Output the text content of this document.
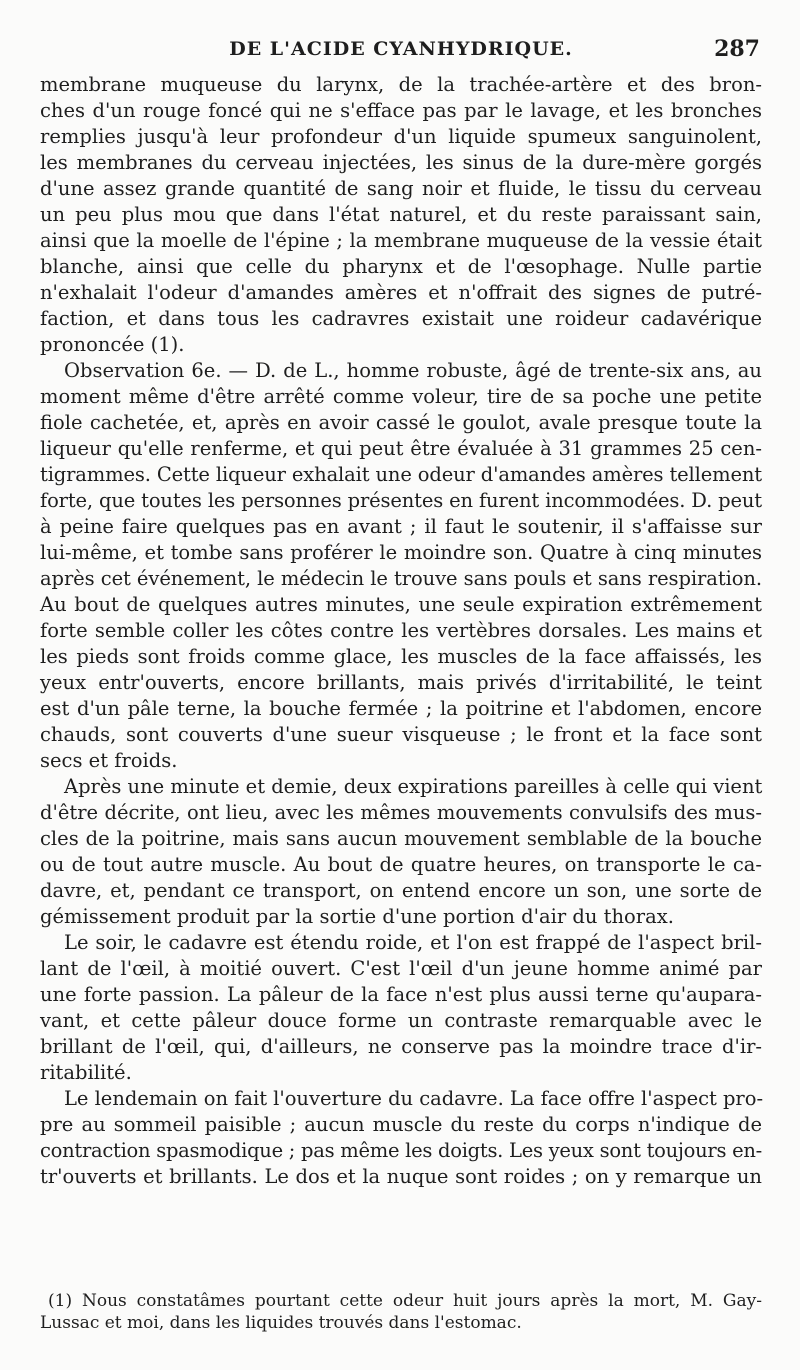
DE L'ACIDE CYANHYDRIQUE.	287
membrane muqueuse du larynx, de la trachée-artère et des bron-
ches d'un rouge foncé qui ne s'efface pas par le lavage, et les bronches
remplies jusqu'à leur profondeur d'un liquide spumeux sanguinolent,
les membranes du cerveau injectées, les sinus de la dure-mère gorgés
d'une assez grande quantité de sang noir et fluide, le tissu du cerveau
un peu plus mou que dans l'état naturel, et du reste paraissant sain,
ainsi que la moelle de l'épine ; la membrane muqueuse de la vessie était
blanche, ainsi que celle du pharynx et de l'œsophage. Nulle partie
n'exhalait l'odeur d'amandes amères et n'offrait des signes de putré-
faction, et dans tous les cadravres existait une roideur cadavérique
prononcée (1).
Observation 6e. — D. de L., homme robuste, âgé de trente-six ans, au
moment même d'être arrêté comme voleur, tire de sa poche une petite
fiole cachetée, et, après en avoir cassé le goulot, avale presque toute la
liqueur qu'elle renferme, et qui peut être évaluée à 31 grammes 25 cen-
tigrammes. Cette liqueur exhalait une odeur d'amandes amères tellement
forte, que toutes les personnes présentes en furent incommodées. D. peut
à peine faire quelques pas en avant ; il faut le soutenir, il s'affaisse sur
lui-même, et tombe sans proférer le moindre son. Quatre à cinq minutes
après cet événement, le médecin le trouve sans pouls et sans respiration.
Au bout de quelques autres minutes, une seule expiration extrêmement
forte semble coller les côtes contre les vertèbres dorsales. Les mains et
les pieds sont froids comme glace, les muscles de la face affaissés, les
yeux entr'ouverts, encore brillants, mais privés d'irritabilité, le teint
est d'un pâle terne, la bouche fermée ; la poitrine et l'abdomen, encore
chauds, sont couverts d'une sueur visqueuse ; le front et la face sont
secs et froids.
Après une minute et demie, deux expirations pareilles à celle qui vient
d'être décrite, ont lieu, avec les mêmes mouvements convulsifs des mus-
cles de la poitrine, mais sans aucun mouvement semblable de la bouche
ou de tout autre muscle. Au bout de quatre heures, on transporte le ca-
davre, et, pendant ce transport, on entend encore un son, une sorte de
gémissement produit par la sortie d'une portion d'air du thorax.
Le soir, le cadavre est étendu roide, et l'on est frappé de l'aspect bril-
lant de l'œil, à moitié ouvert. C'est l'œil d'un jeune homme animé par
une forte passion. La pâleur de la face n'est plus aussi terne qu'aupara-
vant, et cette pâleur douce forme un contraste remarquable avec le
brillant de l'œil, qui, d'ailleurs, ne conserve pas la moindre trace d'ir-
ritabilité.
Le lendemain on fait l'ouverture du cadavre. La face offre l'aspect pro-
pre au sommeil paisible ; aucun muscle du reste du corps n'indique de
contraction spasmodique ; pas même les doigts. Les yeux sont toujours en-
tr'ouverts et brillants. Le dos et la nuque sont roides ; on y remarque un
(1) Nous constatâmes pourtant cette odeur huit jours après la mort, M. Gay-
Lussac et moi, dans les liquides trouvés dans l'estomac.
